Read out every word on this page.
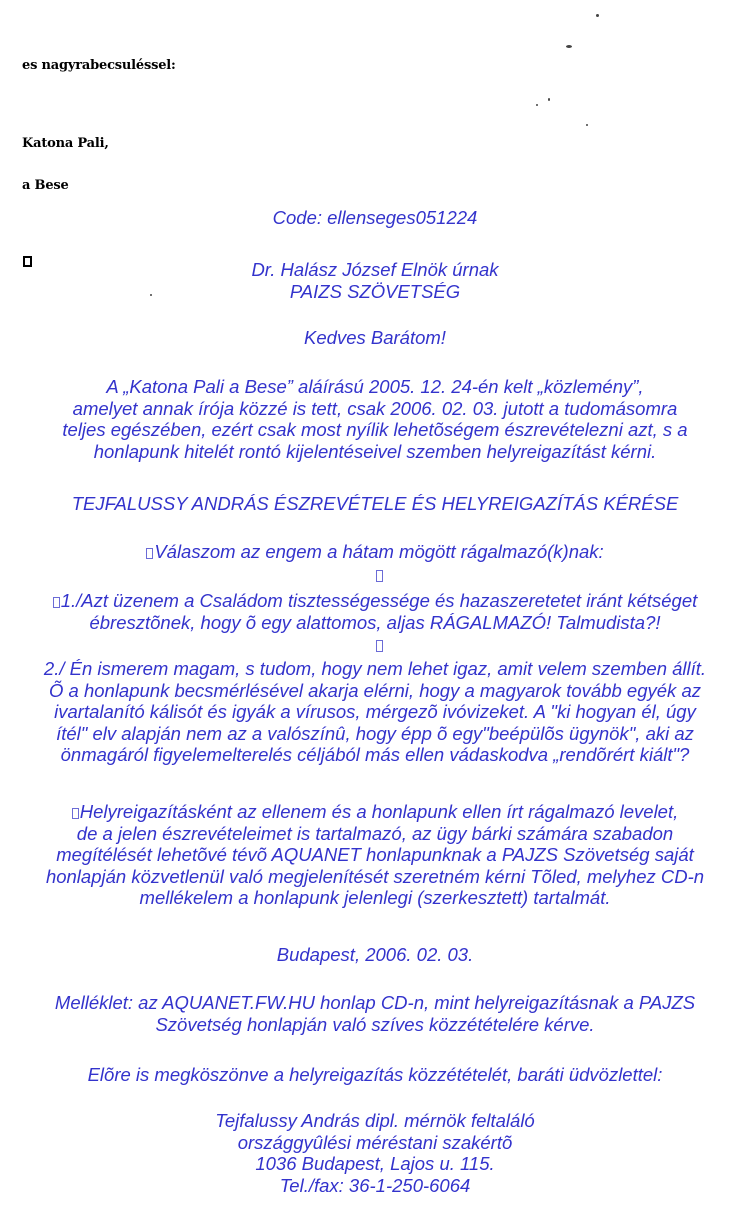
es nagyrabecsuléssel:
Katona Pali,
a Bese
Code: ellenseges051224
Dr. Halász József Elnök úrnak
PAIZS SZÖVETSÉG
Kedves Barátom!
A „Katona Pali a Bese” aláírású 2005. 12. 24-én kelt „közlemény”,
amelyet annak írója közzé is tett, csak 2006. 02. 03. jutott a tudomásomra
teljes egészében, ezért csak most nyílik lehetõségem észrevételezni azt, s a
honlapunk hitelét rontó kijelentéseivel szemben helyreigazítást kérni.
TEJFALUSSY ANDRÁS ÉSZREVÉTELE ÉS HELYREIGAZÍTÁS KÉRÉSE
Válaszom az engem a hátam mögött rágalmazó(k)nak:
1./Azt üzenem a Családom tisztességessége és hazaszeretetet iránt kétséget
ébresztõnek, hogy õ egy alattomos, aljas RÁGALMAZÓ! Talmudista?!
2./ Én ismerem magam, s tudom, hogy nem lehet igaz, amit velem szemben állít.
Õ a honlapunk becsmérlésével akarja elérni, hogy a magyarok tovább egyék az
ivartalanító kálisót és igyák a vírusos, mérgezõ ivóvizeket. A "ki hogyan él, úgy
ítél" elv alapján nem az a valószínû, hogy épp õ egy"beépülõs ügynök", aki az
önmagáról figyelemelterelés céljából más ellen vádaskodva „rendõrért kiált"?
Helyreigazításként az ellenem és a honlapunk ellen írt rágalmazó levelet,
de a jelen észrevételeimet is tartalmazó, az ügy bárki számára szabadon
megítélését lehetõvé tévõ AQUANET honlapunknak a PAJZS Szövetség saját
honlapján közvetlenül való megjelenítését szeretném kérni Tõled, melyhez CD-n
mellékelem a honlapunk jelenlegi (szerkesztett) tartalmát.
Budapest, 2006. 02. 03.
Melléklet: az AQUANET.FW.HU honlap CD-n, mint helyreigazításnak a PAJZS
Szövetség honlapján való szíves közzétételére kérve.
Elõre is megköszönve a helyreigazítás közzétételét, baráti üdvözlettel:
Tejfalussy András dipl. mérnök feltaláló
országgyûlési méréstani szakértõ
1036 Budapest, Lajos u. 115.
Tel./fax: 36-1-250-6064
